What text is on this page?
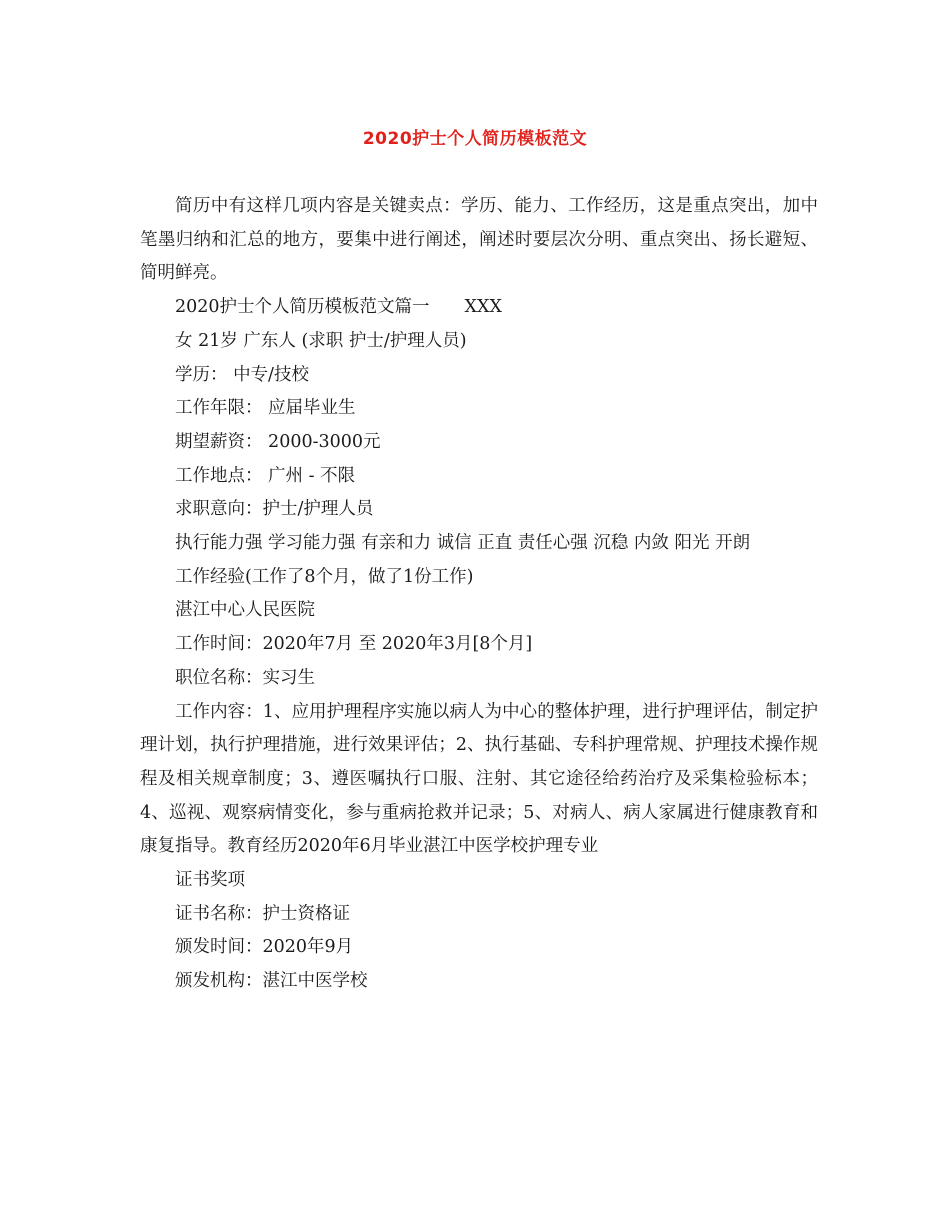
2020护士个人简历模板范文

简历中有这样几项内容是关键卖点：学历、能力、工作经历，这是重点突出，加中笔墨归纳和汇总的地方，要集中进行阐述，阐述时要层次分明、重点突出、扬长避短、简明鲜亮。

2020护士个人简历模板范文篇一　　XXX

女 21岁 广东人 (求职 护士/护理人员)

学历： 中专/技校

工作年限： 应届毕业生

期望薪资： 2000-3000元

工作地点： 广州 - 不限

求职意向：护士/护理人员

执行能力强 学习能力强 有亲和力 诚信 正直 责任心强 沉稳 内敛 阳光 开朗

工作经验(工作了8个月，做了1份工作)

湛江中心人民医院

工作时间：2020年7月 至 2020年3月[8个月]

职位名称：实习生

工作内容：1、应用护理程序实施以病人为中心的整体护理，进行护理评估，制定护理计划，执行护理措施，进行效果评估；2、执行基础、专科护理常规、护理技术操作规程及相关规章制度；3、遵医嘱执行口服、注射、其它途径给药治疗及采集检验标本；4、巡视、观察病情变化，参与重病抢救并记录；5、对病人、病人家属进行健康教育和康复指导。教育经历2020年6月毕业湛江中医学校护理专业

证书奖项

证书名称：护士资格证

颁发时间：2020年9月

颁发机构：湛江中医学校
